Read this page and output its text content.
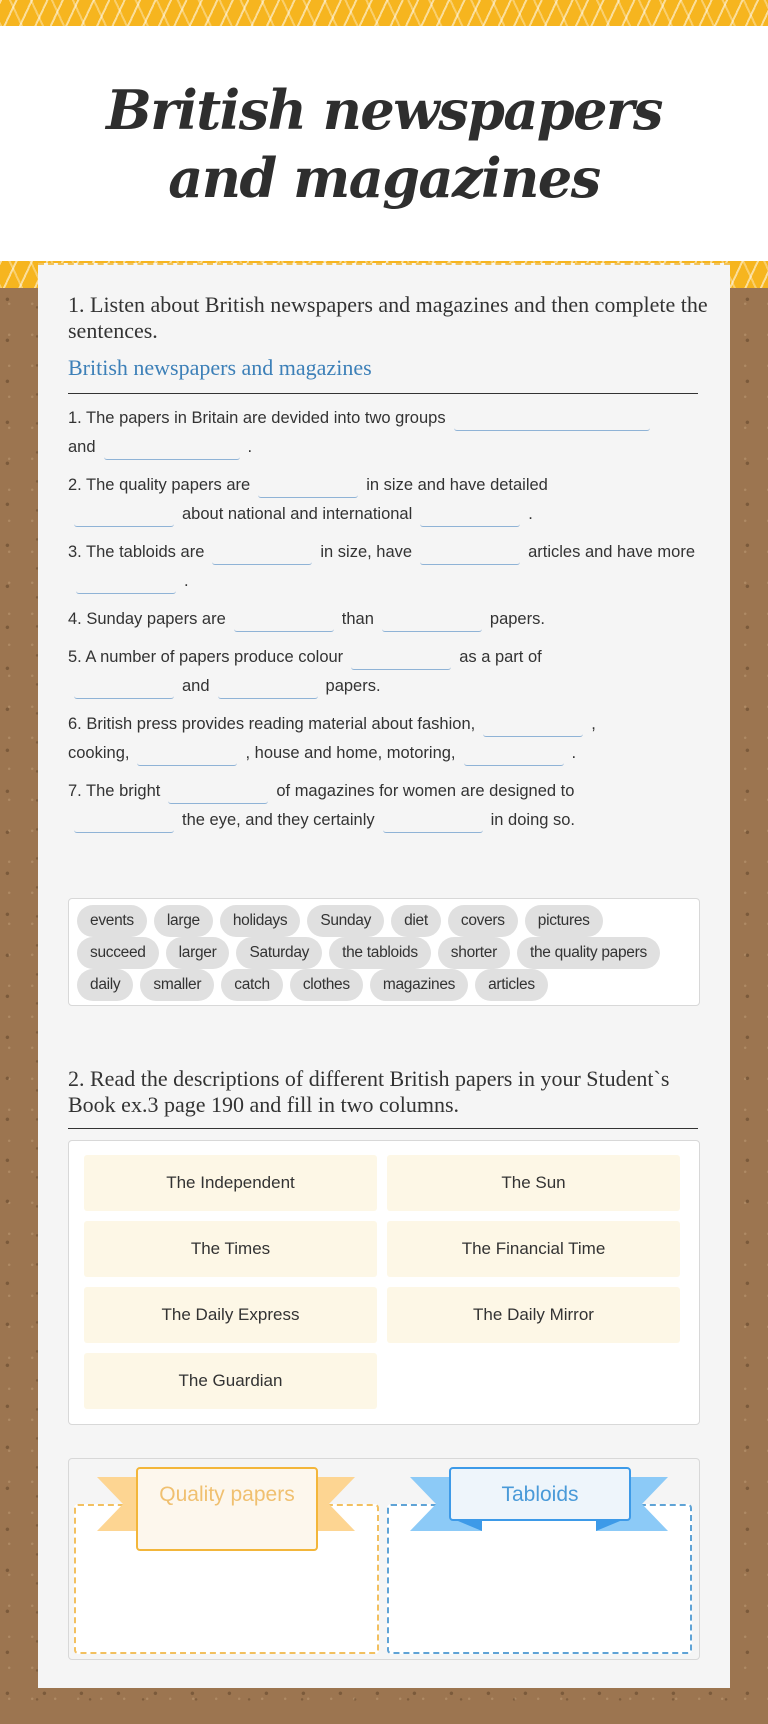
British newspapers and magazines
1. Listen about British newspapers and magazines and then complete the sentences.
British newspapers and magazines
1. The papers in Britain are devided into two groups
and	.
2. The quality papers are	in size and have detailed
about national and international	.
3. The tabloids are	in size, have	articles and have more.
4. Sunday papers are	than	papers.
5. A number of papers produce colour	as a part of
and	papers.
6. British press provides reading material about fashion,	,
cooking,	, house and home, motoring,	.
7. The bright	of magazines for women are designed to
the eye, and they certainly	in doing so.
events	large	holidays	Sunday	diet	covers	pictures
succeed	larger	Saturday	the tabloids	shorter	the quality papers
daily	smaller	catch	clothes	magazines	articles
2. Read the descriptions of different British papers in your Student`s Book ex.3 page 190 and fill in two columns.
The Independent	The Sun
The Times	The Financial Time
The Daily Express	The Daily Mirror
The Guardian
Quality papers	Tabloids
